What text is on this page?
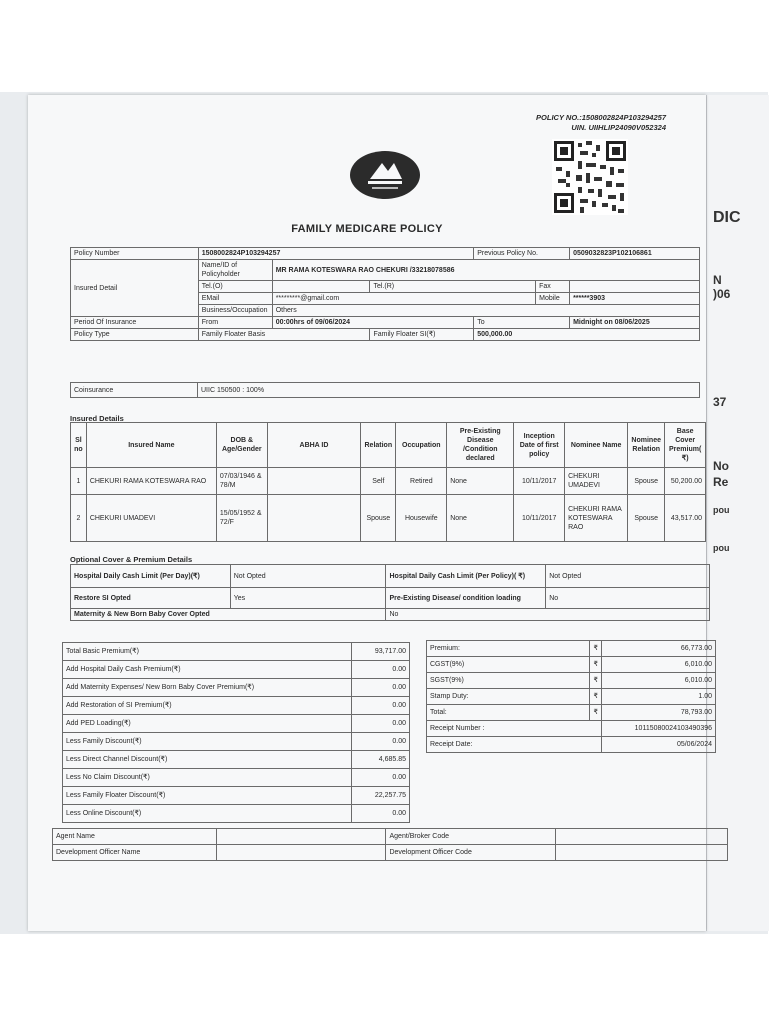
DIC
N
)06
37
No
Re
pou
pou
POLICY NO.:1508002824P103294257
UIN. UIIHLIP24090V052324
FAMILY MEDICARE POLICY
Policy Number	1508002824P103294257			Previous Policy No.		0509032823P102106861
Insured Detail	Name/ID of Policyholder	MR RAMA KOTESWARA RAO CHEKURI /33218078586				
	Tel.(O)		Tel.(R)		Fax	
	EMail	*********@gmail.com			Mobile	******3903
	Business/Occupation	Others				
Period Of Insurance	From	00:00hrs of 09/06/2024		To		Midnight on 08/06/2025
Policy Type	Family Floater Basis		Family Floater SI(₹)	500,000.00		
Coinsurance	UIIC 150500 : 100%
Insured Details
Sl no	Insured Name	DOB & Age/Gender	ABHA ID	Relation	Occupation	Pre-Existing Disease /Condition declared	Inception Date of first policy	Nominee Name	Nominee Relation	Base Cover Premium( ₹)
1	CHEKURI RAMA KOTESWARA RAO	07/03/1946 & 78/M		Self	Retired	None	10/11/2017	CHEKURI UMADEVI	Spouse	50,200.00
2	CHEKURI UMADEVI	15/05/1952 & 72/F		Spouse	Housewife	None	10/11/2017	CHEKURI RAMA KOTESWARA RAO	Spouse	43,517.00
Optional Cover & Premium Details
Hospital Daily Cash Limit (Per Day)(₹)	Not Opted	Hospital Daily Cash Limit (Per Policy)( ₹)	Not Opted
Restore SI Opted	Yes	Pre-Existing Disease/ condition loading	No
Maternity & New Born Baby Cover Opted		No	
Total Basic Premium(₹)	93,717.00
Add Hospital Daily Cash Premium(₹)	0.00
Add Maternity Expenses/ New Born Baby Cover Premium(₹)	0.00
Add Restoration of SI Premium(₹)	0.00
Add PED Loading(₹)	0.00
Less Family Discount(₹)	0.00
Less Direct Channel Discount(₹)	4,685.85
Less No Claim Discount(₹)	0.00
Less Family Floater Discount(₹)	22,257.75
Less Online Discount(₹)	0.00
Premium:	₹	66,773.00
CGST(9%)	₹	6,010.00
SGST(9%)	₹	6,010.00
Stamp Duty:	₹	1.00
Total:	₹	78,793.00
Receipt Number :		101150800241034903​96
Receipt Date:		05/06/2024
Agent Name		Agent/Broker Code	
Development Officer Name		Development Officer Code	
